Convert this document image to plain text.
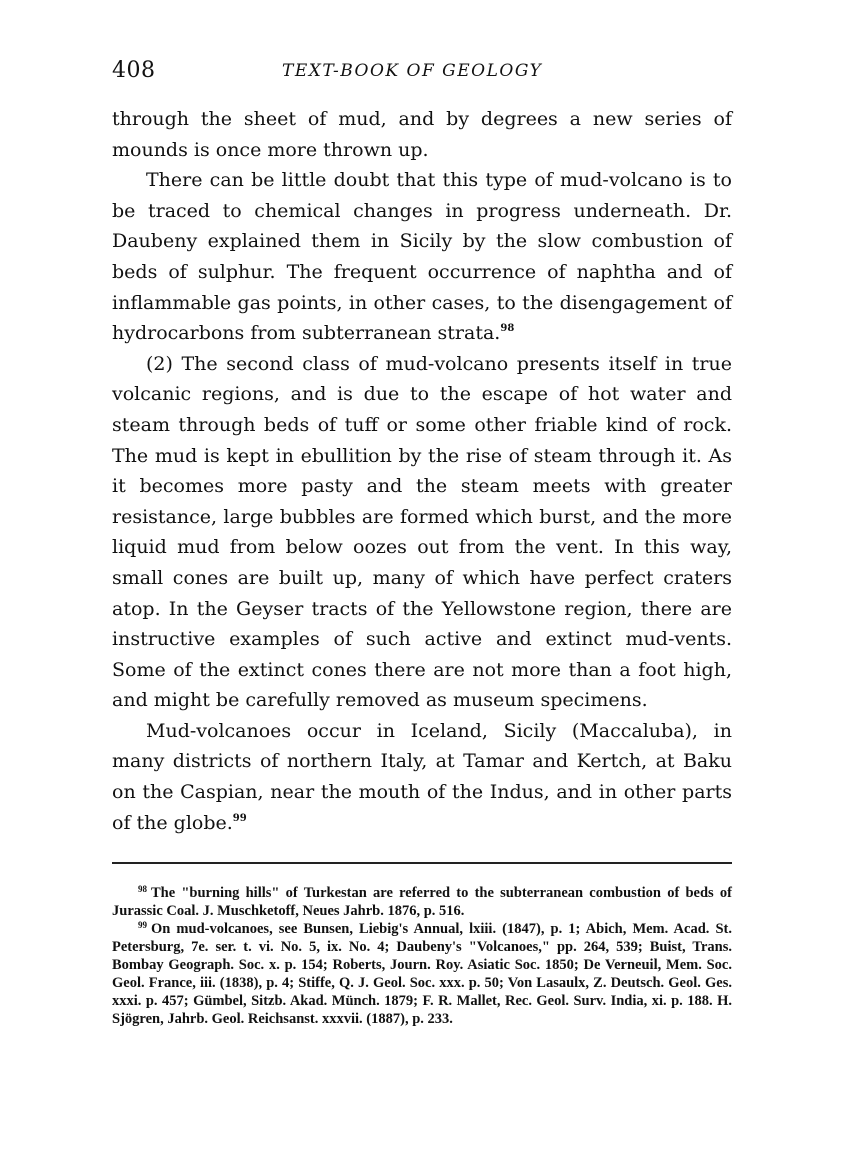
408	TEXT-BOOK OF GEOLOGY

through the sheet of mud, and by degrees a new series of mounds is once more thrown up.

There can be little doubt that this type of mud-volcano is to be traced to chemical changes in progress underneath. Dr. Daubeny explained them in Sicily by the slow combustion of beds of sulphur. The frequent occurrence of naphtha and of inflammable gas points, in other cases, to the disengagement of hydrocarbons from subterranean strata.$^{98}$

(2) The second class of mud-volcano presents itself in true volcanic regions, and is due to the escape of hot water and steam through beds of tuff or some other friable kind of rock. The mud is kept in ebullition by the rise of steam through it. As it becomes more pasty and the steam meets with greater resistance, large bubbles are formed which burst, and the more liquid mud from below oozes out from the vent. In this way, small cones are built up, many of which have perfect craters atop. In the Geyser tracts of the Yellowstone region, there are instructive examples of such active and extinct mud-vents. Some of the extinct cones there are not more than a foot high, and might be carefully removed as museum specimens.

Mud-volcanoes occur in Iceland, Sicily (Maccaluba), in many districts of northern Italy, at Tamar and Kertch, at Baku on the Caspian, near the mouth of the Indus, and in other parts of the globe.$^{99}$

$^{98}$ The "burning hills" of Turkestan are referred to the subterranean combustion of beds of Jurassic Coal. J. Muschketoff, Neues Jahrb. 1876, p. 516.

$^{99}$ On mud-volcanoes, see Bunsen, Liebig's Annual, lxiii. (1847), p. 1; Abich, Mem. Acad. St. Petersburg, 7e. ser. t. vi. No. 5, ix. No. 4; Daubeny's "Volcanoes," pp. 264, 539; Buist, Trans. Bombay Geograph. Soc. x. p. 154; Roberts, Journ. Roy. Asiatic Soc. 1850; De Verneuil, Mem. Soc. Geol. France, iii. (1838), p. 4; Stiffe, Q. J. Geol. Soc. xxx. p. 50; Von Lasaulx, Z. Deutsch. Geol. Ges. xxxi. p. 457; Gümbel, Sitzb. Akad. Münch. 1879; F. R. Mallet, Rec. Geol. Surv. India, xi. p. 188. H. Sjögren, Jahrb. Geol. Reichsanst. xxxvii. (1887), p. 233.
